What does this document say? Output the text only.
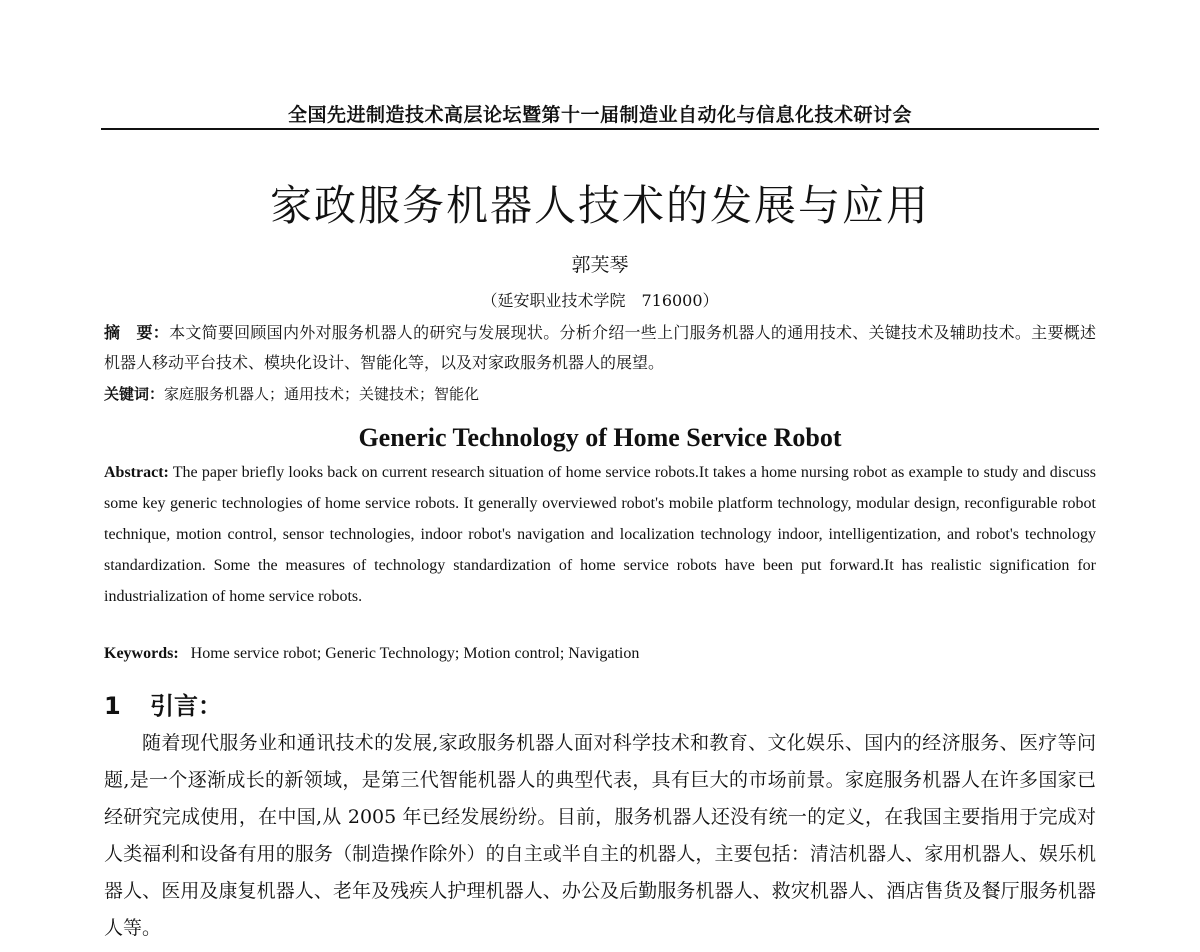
全国先进制造技术高层论坛暨第十一届制造业自动化与信息化技术研讨会
家政服务机器人技术的发展与应用
郭芙琴
（延安职业技术学院　716000）
摘　要：本文简要回顾国内外对服务机器人的研究与发展现状。分析介绍一些上门服务机器人的通用技术、关键技术及辅助技术。主要概述机器人移动平台技术、模块化设计、智能化等，以及对家政服务机器人的展望。
关键词：家庭服务机器人；通用技术；关键技术；智能化
Generic Technology of Home Service Robot
Abstract: The paper briefly looks back on current research situation of home service robots.It takes a home nursing robot as example to study and discuss some key generic technologies of home service robots. It generally overviewed robot's mobile platform technology, modular design, reconfigurable robot technique, motion control, sensor technologies, indoor robot's navigation and localization technology indoor, intelligentization, and robot's technology standardization. Some the measures of technology standardization of home service robots have been put forward.It has realistic signification for industrialization of home service robots.
Keywords: Home service robot; Generic Technology; Motion control; Navigation
1 引言：
随着现代服务业和通讯技术的发展,家政服务机器人面对科学技术和教育、文化娱乐、国内的经济服务、医疗等问题,是一个逐渐成长的新领域，是第三代智能机器人的典型代表，具有巨大的市场前景。家庭服务机器人在许多国家已经研究完成使用，在中国,从 2005 年已经发展纷纷。目前，服务机器人还没有统一的定义，在我国主要指用于完成对人类福利和设备有用的服务（制造操作除外）的自主或半自主的机器人，主要包括：清洁机器人、家用机器人、娱乐机器人、医用及康复机器人、老年及残疾人护理机器人、办公及后勤服务机器人、救灾机器人、酒店售货及餐厅服务机器人等。
